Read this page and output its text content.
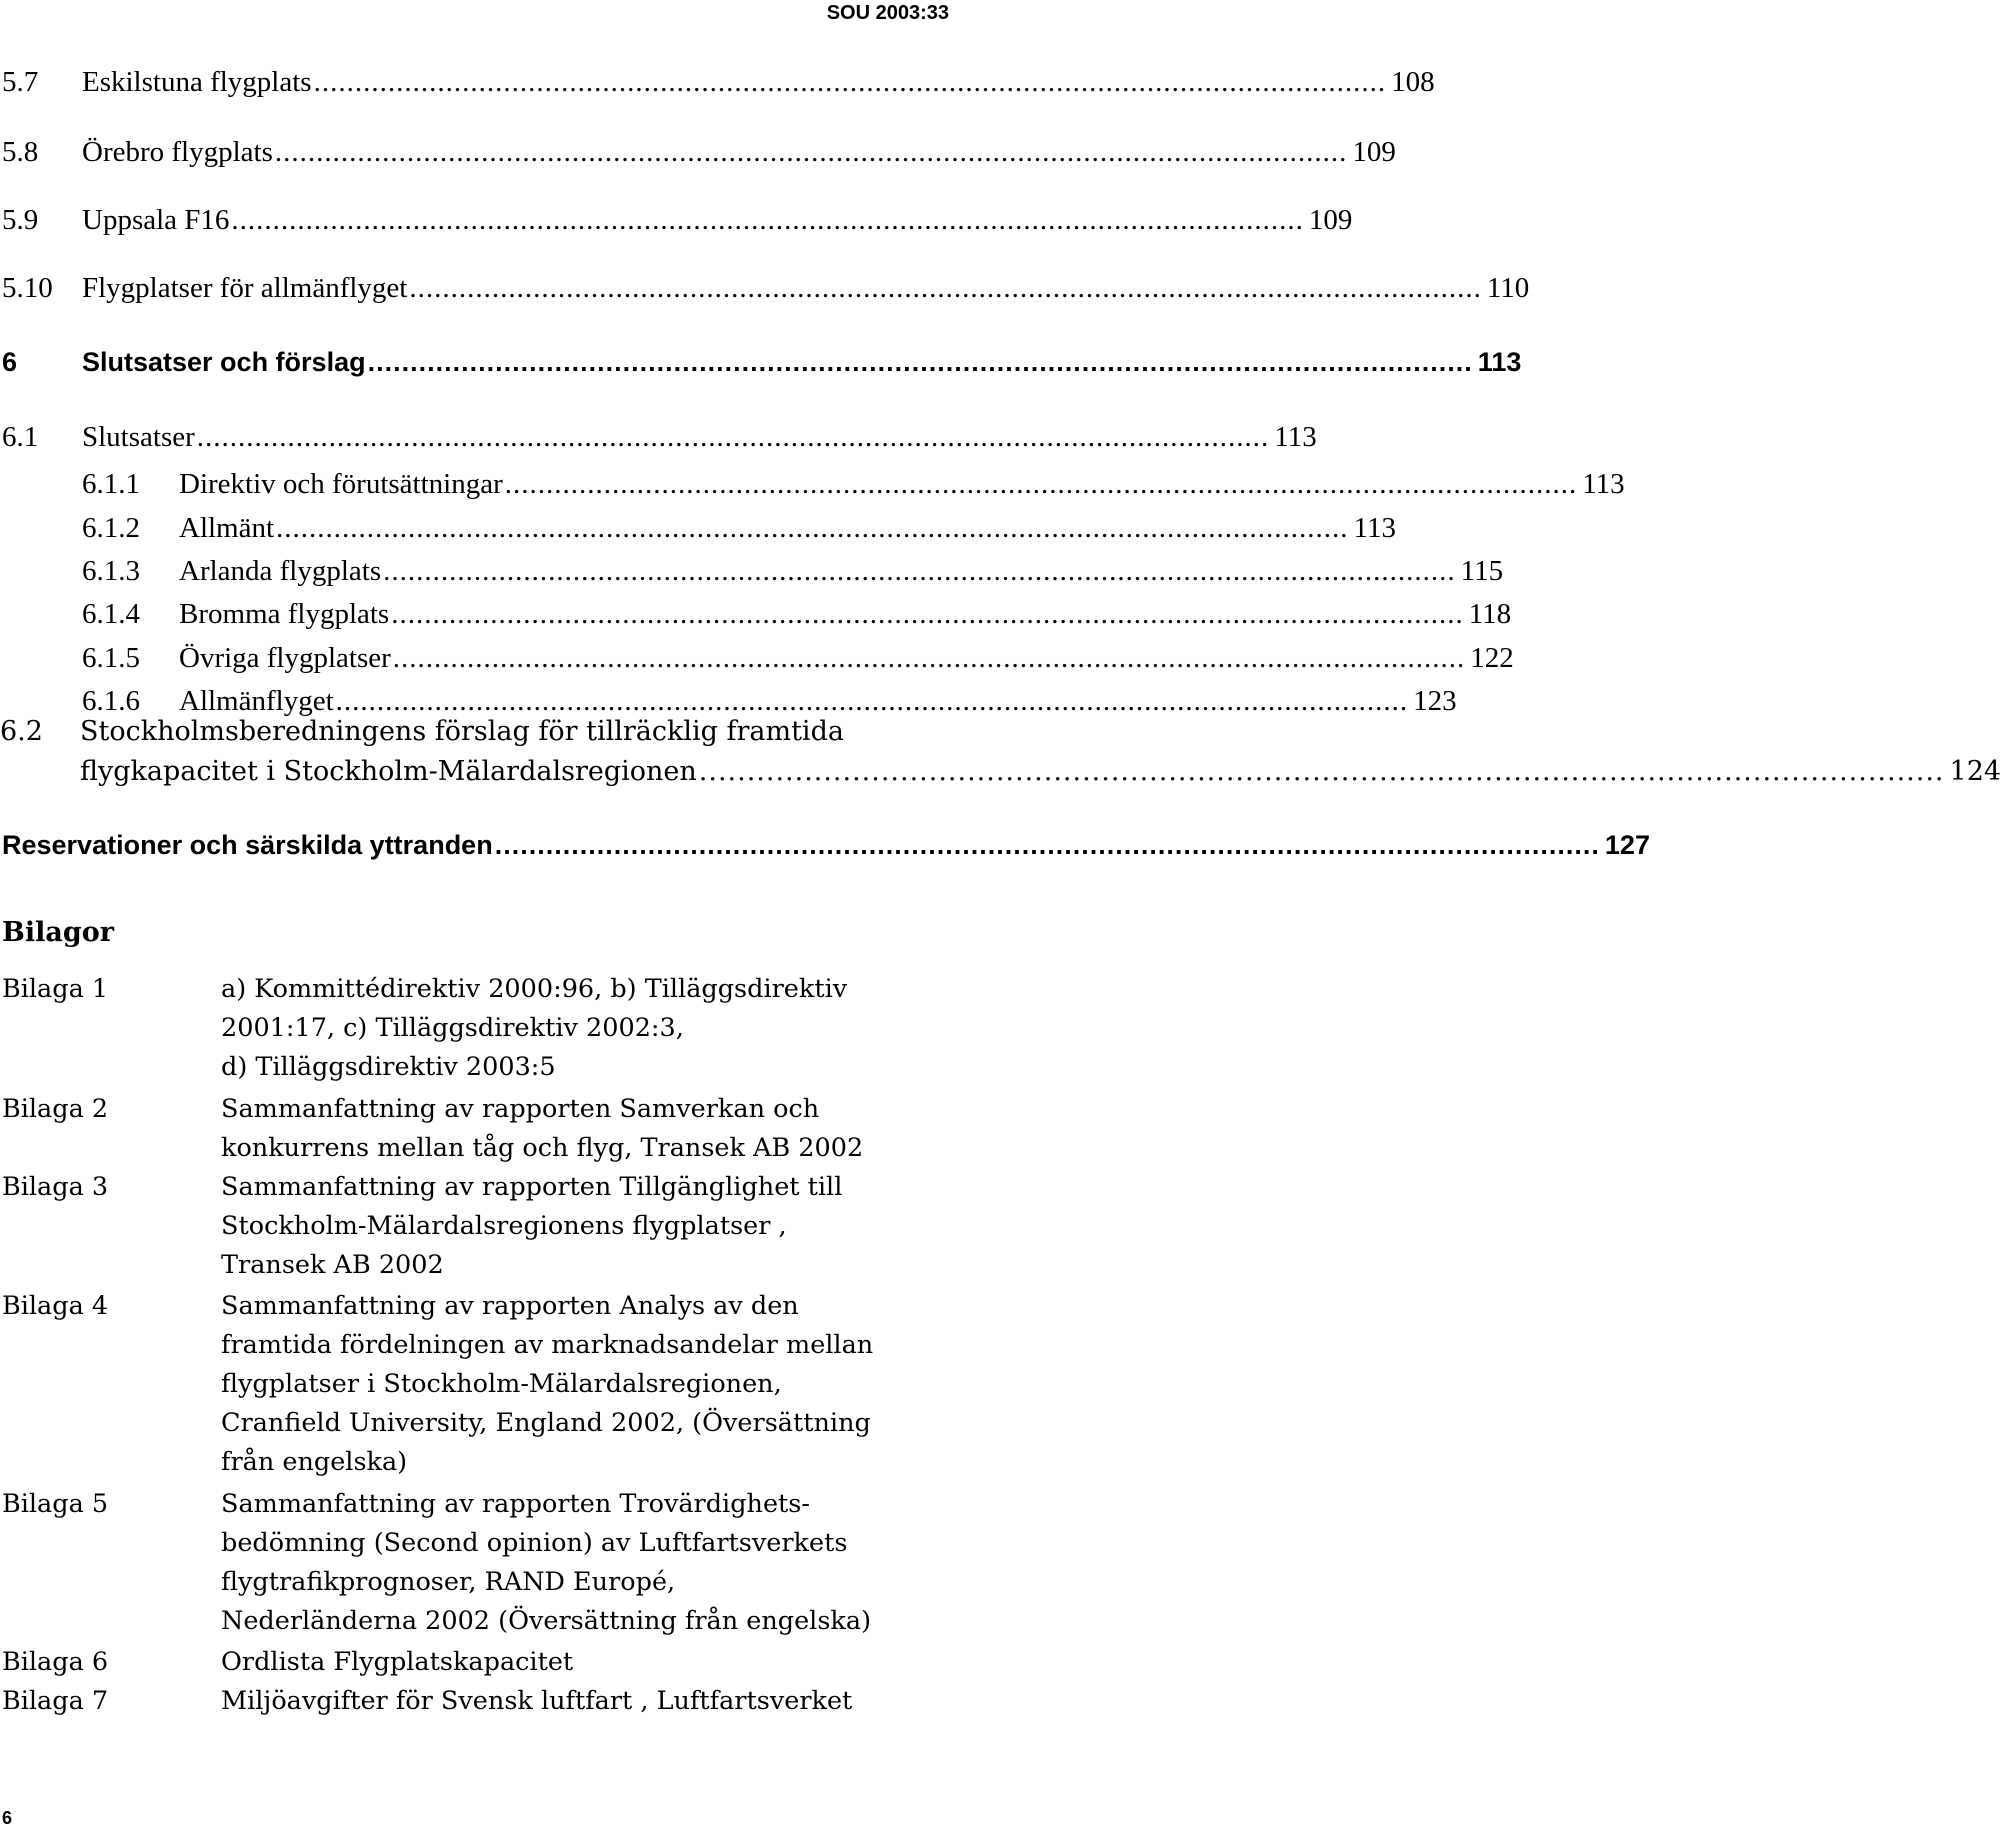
SOU 2003:33
5.7	Eskilstuna flygplats .................................................................................................................................. 108
5.8	Örebro flygplats .................................................................................................................................. 109
5.9	Uppsala F16 .................................................................................................................................. 109
5.10	Flygplatser för allmänflyget .................................................................................................................................. 110
6	Slutsatser och förslag .................................................................................................................................. 113
6.1	Slutsatser .................................................................................................................................. 113
6.1.1	Direktiv och förutsättningar .................................................................................................................................. 113
6.1.2	Allmänt .................................................................................................................................. 113
6.1.3	Arlanda flygplats .................................................................................................................................. 115
6.1.4	Bromma flygplats .................................................................................................................................. 118
6.1.5	Övriga flygplatser .................................................................................................................................. 122
6.1.6	Allmänflyget .................................................................................................................................. 123
6.2 Stockholmsberedningens förslag för tillräcklig framtida
flygkapacitet i Stockholm-Mälardalsregionen .................................................................................................................................. 124
Reservationer och särskilda yttranden .................................................................................................................................. 127
Bilagor
Bilaga 1	a) Kommittédirektiv 2000:96, b) Tilläggsdirektiv
2001:17, c) Tilläggsdirektiv 2002:3,
d) Tilläggsdirektiv 2003:5
Bilaga 2	Sammanfattning av rapporten Samverkan och
konkurrens mellan tåg och flyg, Transek AB 2002
Bilaga 3	Sammanfattning av rapporten Tillgänglighet till
Stockholm-Mälardalsregionens flygplatser ,
Transek AB 2002
Bilaga 4	Sammanfattning av rapporten Analys av den
framtida fördelningen av marknadsandelar mellan
flygplatser i Stockholm-Mälardalsregionen,
Cranfield University, England 2002, (Översättning
från engelska)
Bilaga 5	Sammanfattning av rapporten Trovärdighets-
bedömning (Second opinion) av Luftfartsverkets
flygtrafikprognoser, RAND Europé,
Nederländerna 2002 (Översättning från engelska)
Bilaga 6	Ordlista Flygplatskapacitet
Bilaga 7	Miljöavgifter för Svensk luftfart , Luftfartsverket
6
